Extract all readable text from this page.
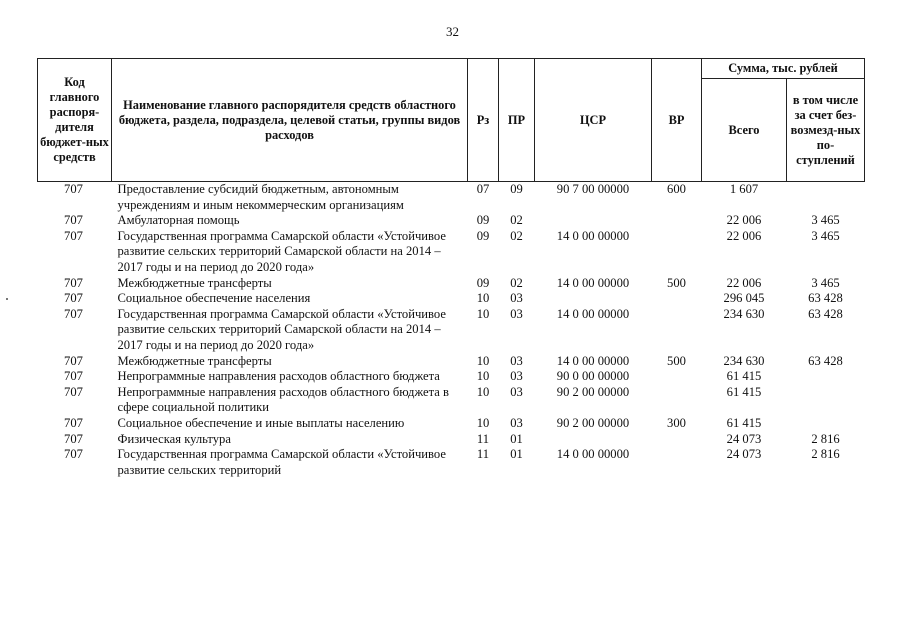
32
Код главного распоря-дителя бюджет-ных средств	Наименование главного распорядителя средств областного бюджета, раздела, подраздела, целевой статьи, группы видов расходов	Рз	ПР	ЦСР	ВР	Сумма, тыс. рублей	
						Всего	в том числе за счет без-возмезд-ных по-ступлений
707	Предоставление субсидий бюджетным, автономным учреждениям и иным некоммерческим организациям	07	09	90 7 00 00000	600	1 607	
707	Амбулаторная помощь	09	02			22 006	3 465
707	Государственная программа Самарской области «Устойчивое развитие сельских территорий Самарской области на 2014 – 2017 годы и на период до 2020 года»	09	02	14 0 00 00000		22 006	3 465
707	Межбюджетные трансферты	09	02	14 0 00 00000	500	22 006	3 465
707	Социальное обеспечение населения	10	03			296 045	63 428
707	Государственная программа Самарской области «Устойчивое развитие сельских территорий Самарской области на 2014 – 2017 годы и на период до 2020 года»	10	03	14 0 00 00000		234 630	63 428
707	Межбюджетные трансферты	10	03	14 0 00 00000	500	234 630	63 428
707	Непрограммные направления расходов областного бюджета	10	03	90 0 00 00000		61 415	
707	Непрограммные направления расходов областного бюджета в сфере социальной политики	10	03	90 2 00 00000		61 415	
707	Социальное обеспечение и иные выплаты населению	10	03	90 2 00 00000	300	61 415	
707	Физическая культура	11	01			24 073	2 816
707	Государственная программа Самарской области «Устойчивое развитие сельских территорий	11	01	14 0 00 00000		24 073	2 816
